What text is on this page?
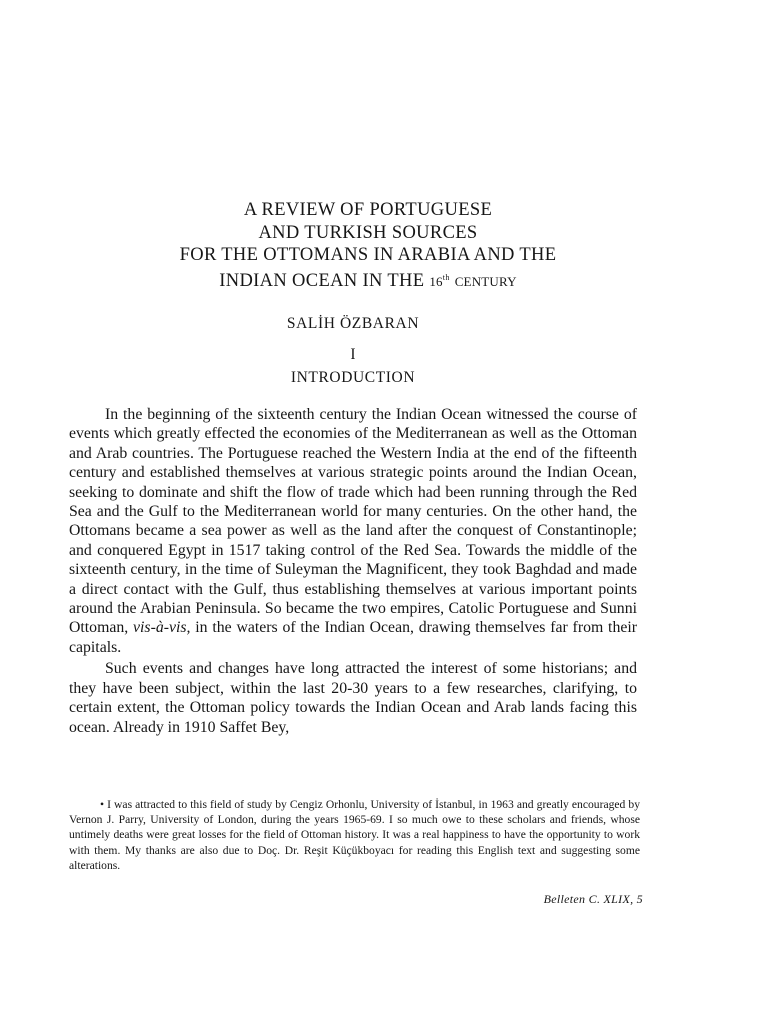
A REVIEW OF PORTUGUESE
AND TURKISH SOURCES
FOR THE OTTOMANS IN ARABIA AND THE
INDIAN OCEAN IN THE 16th CENTURY
SALİH ÖZBARAN
I
INTRODUCTION

In the beginning of the sixteenth century the Indian Ocean witnessed the course of events which greatly effected the economies of the Mediterranean as well as the Ottoman and Arab countries. The Portuguese reached the Western India at the end of the fifteenth century and established themselves at various strategic points around the Indian Ocean, seeking to dominate and shift the flow of trade which had been running through the Red Sea and the Gulf to the Mediterranean world for many centuries. On the other hand, the Ottomans became a sea power as well as the land after the conquest of Constantinople; and conquered Egypt in 1517 taking control of the Red Sea. Towards the middle of the sixteenth century, in the time of Suleyman the Magnificent, they took Baghdad and made a direct contact with the Gulf, thus establishing themselves at various important points around the Arabian Peninsula. So became the two empires, Catolic Portuguese and Sunni Ottoman, vis-à-vis, in the waters of the Indian Ocean, drawing themselves far from their capitals.

Such events and changes have long attracted the interest of some historians; and they have been subject, within the last 20-30 years to a few researches, clarifying, to certain extent, the Ottoman policy towards the Indian Ocean and Arab lands facing this ocean. Already in 1910 Saffet Bey,

• I was attracted to this field of study by Cengiz Orhonlu, University of İstanbul, in 1963 and greatly encouraged by Vernon J. Parry, University of London, during the years 1965-69. I so much owe to these scholars and friends, whose untimely deaths were great losses for the field of Ottoman history. It was a real happiness to have the opportunity to work with them. My thanks are also due to Doç. Dr. Reşit Küçükboyacı for reading this English text and suggesting some alterations.

Belleten C. XLIX, 5
